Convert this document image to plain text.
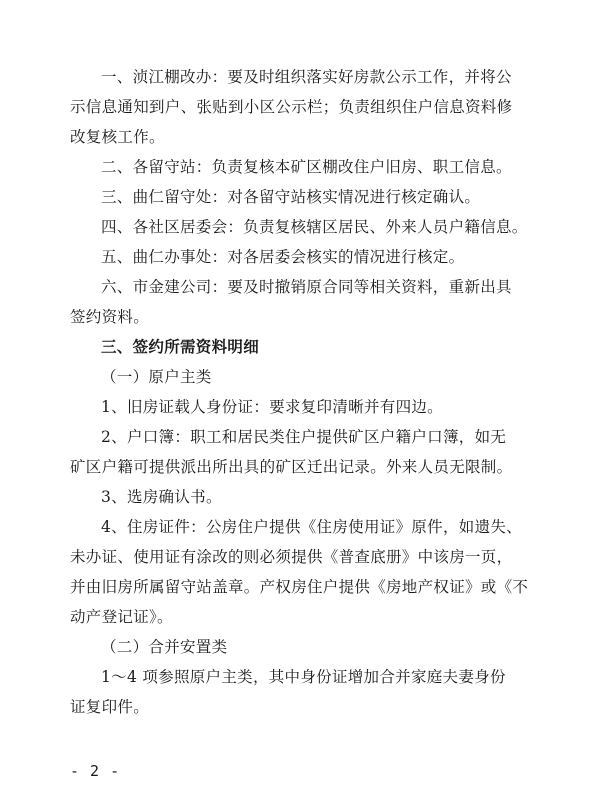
一、浈江棚改办：要及时组织落实好房款公示工作，并将公
示信息通知到户、张贴到小区公示栏；负责组织住户信息资料修
改复核工作。
二、各留守站：负责复核本矿区棚改住户旧房、职工信息。
三、曲仁留守处：对各留守站核实情况进行核定确认。
四、各社区居委会：负责复核辖区居民、外来人员户籍信息。
五、曲仁办事处：对各居委会核实的情况进行核定。
六、市金建公司：要及时撤销原合同等相关资料，重新出具
签约资料。
三、签约所需资料明细
（一）原户主类
1、旧房证载人身份证：要求复印清晰并有四边。
2、户口簿：职工和居民类住户提供矿区户籍户口簿，如无
矿区户籍可提供派出所出具的矿区迁出记录。外来人员无限制。
3、选房确认书。
4、住房证件：公房住户提供《住房使用证》原件，如遗失、
未办证、使用证有涂改的则必须提供《普查底册》中该房一页，
并由旧房所属留守站盖章。产权房住户提供《房地产权证》或《不
动产登记证》。
（二）合并安置类
1～4 项参照原户主类，其中身份证增加合并家庭夫妻身份
证复印件。
- 2 -
